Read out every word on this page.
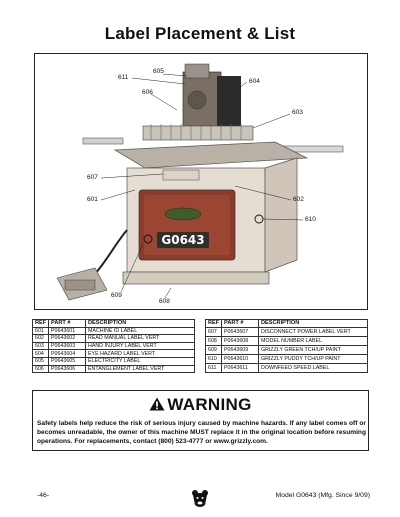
Label Placement & List
G0643
611
605
604
606
603
607
601	602
610
609
608
REF	PART #	DESCRIPTION
601	P0643601	MACHINE ID LABEL
602	P0643602	READ MANUAL LABEL VERT
603	P0643603	HAND INJURY LABEL VERT
604	P0643604	EYE HAZARD LABEL VERT
605	P0643605	ELECTRICITY LABEL
606	P0643606	ENTANGLEMENT LABEL VERT
REF	PART #	DESCRIPTION
607	P0643607	DISCONNECT POWER LABEL VERT
608	P0643608	MODEL NUMBER LABEL
609	P0643609	GRIZZLY GREEN TCH/UP PAINT
610	P0643610	GRIZZLY PUDDY TCH/UP PAINT
611	P0643611	DOWNFEED SPEED LABEL
WARNING
Safety labels help reduce the risk of serious injury caused by machine hazards. If any label comes off or becomes unreadable, the owner of this machine MUST replace it in the original location before resuming operations. For replacements, contact (800) 523-4777 or www.grizzly.com.
-46-	Model G0643 (Mfg. Since 9/09)
